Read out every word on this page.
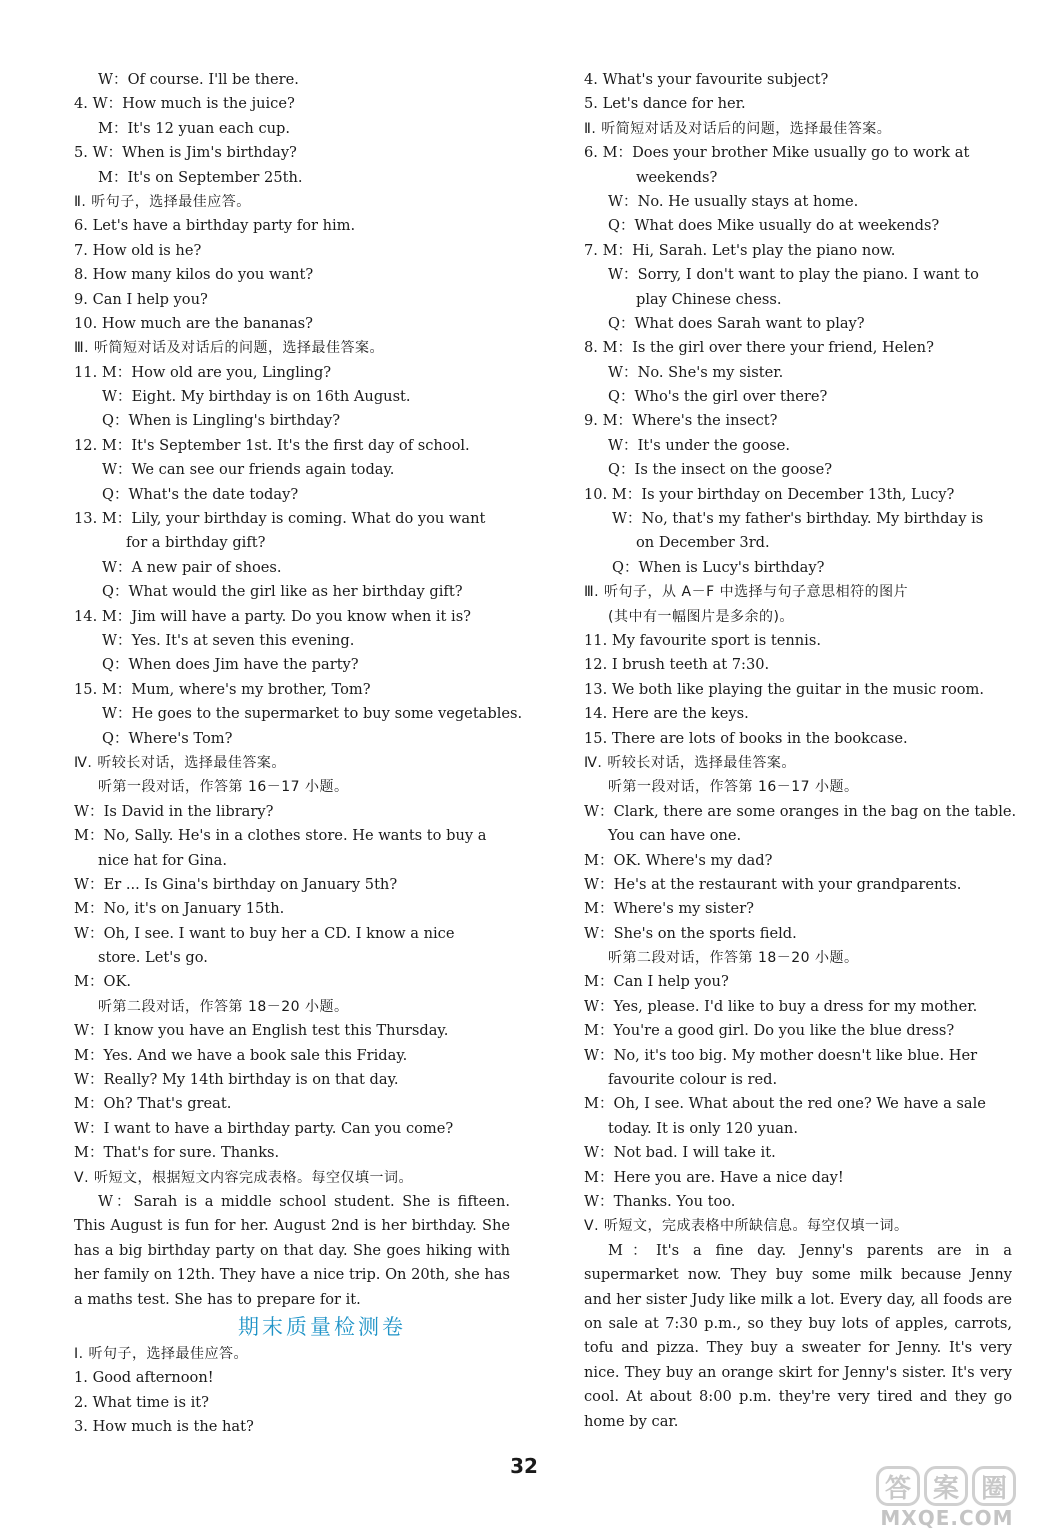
W：Of course. I'll be there.
4. W：How much is the juice?
M：It's 12 yuan each cup.
5. W：When is Jim's birthday?
M：It's on September 25th.
Ⅱ. 听句子，选择最佳应答。
6. Let's have a birthday party for him.
7. How old is he?
8. How many kilos do you want?
9. Can I help you?
10. How much are the bananas?
Ⅲ. 听简短对话及对话后的问题，选择最佳答案。
11. M：How old are you, Lingling?
W：Eight. My birthday is on 16th August.
Q：When is Lingling's birthday?
12. M：It's September 1st. It's the first day of school.
W：We can see our friends again today.
Q：What's the date today?
13. M：Lily, your birthday is coming. What do you want
for a birthday gift?
W：A new pair of shoes.
Q：What would the girl like as her birthday gift?
14. M：Jim will have a party. Do you know when it is?
W：Yes. It's at seven this evening.
Q：When does Jim have the party?
15. M：Mum, where's my brother, Tom?
W：He goes to the supermarket to buy some vegetables.
Q：Where's Tom?
Ⅳ. 听较长对话，选择最佳答案。
听第一段对话，作答第 16－17 小题。
W：Is David in the library?
M：No, Sally. He's in a clothes store. He wants to buy a
nice hat for Gina.
W：Er ... Is Gina's birthday on January 5th?
M：No, it's on January 15th.
W：Oh, I see. I want to buy her a CD. I know a nice
store. Let's go.
M：OK.
听第二段对话，作答第 18－20 小题。
W：I know you have an English test this Thursday.
M：Yes. And we have a book sale this Friday.
W：Really? My 14th birthday is on that day.
M：Oh? That's great.
W：I want to have a birthday party. Can you come?
M：That's for sure. Thanks.
Ⅴ. 听短文，根据短文内容完成表格。每空仅填一词。
W：Sarah is a middle school student. She is fifteen. This August is fun for her. August 2nd is her birthday. She has a big birthday party on that day. She goes hiking with her family on 12th. They have a nice trip. On 20th, she has a maths test. She has to prepare for it.
期末质量检测卷
Ⅰ. 听句子，选择最佳应答。
1. Good afternoon!
2. What time is it?
3. How much is the hat?
4. What's your favourite subject?
5. Let's dance for her.
Ⅱ. 听简短对话及对话后的问题，选择最佳答案。
6. M：Does your brother Mike usually go to work at
weekends?
W：No. He usually stays at home.
Q：What does Mike usually do at weekends?
7. M：Hi, Sarah. Let's play the piano now.
W：Sorry, I don't want to play the piano. I want to
play Chinese chess.
Q：What does Sarah want to play?
8. M：Is the girl over there your friend, Helen?
W：No. She's my sister.
Q：Who's the girl over there?
9. M：Where's the insect?
W：It's under the goose.
Q：Is the insect on the goose?
10. M：Is your birthday on December 13th, Lucy?
W：No, that's my father's birthday. My birthday is
on December 3rd.
Q：When is Lucy's birthday?
Ⅲ. 听句子，从 A－F 中选择与句子意思相符的图片
(其中有一幅图片是多余的)。
11. My favourite sport is tennis.
12. I brush teeth at 7:30.
13. We both like playing the guitar in the music room.
14. Here are the keys.
15. There are lots of books in the bookcase.
Ⅳ. 听较长对话，选择最佳答案。
听第一段对话，作答第 16－17 小题。
W：Clark, there are some oranges in the bag on the table.
You can have one.
M：OK. Where's my dad?
W：He's at the restaurant with your grandparents.
M：Where's my sister?
W：She's on the sports field.
听第二段对话，作答第 18－20 小题。
M：Can I help you?
W：Yes, please. I'd like to buy a dress for my mother.
M：You're a good girl. Do you like the blue dress?
W：No, it's too big. My mother doesn't like blue. Her
favourite colour is red.
M：Oh, I see. What about the red one? We have a sale
today. It is only 120 yuan.
W：Not bad. I will take it.
M：Here you are. Have a nice day!
W：Thanks. You too.
Ⅴ. 听短文，完成表格中所缺信息。每空仅填一词。
M：It's a fine day. Jenny's parents are in a supermarket now. They buy some milk because Jenny and her sister Judy like milk a lot. Every day, all foods are on sale at 7:30 p.m., so they buy lots of apples, carrots, tofu and pizza. They buy a sweater for Jenny. It's very nice. They buy an orange skirt for Jenny's sister. It's very cool. At about 8:00 p.m. they're very tired and they go home by car.
32
答 案 圈
MXQE.COM
